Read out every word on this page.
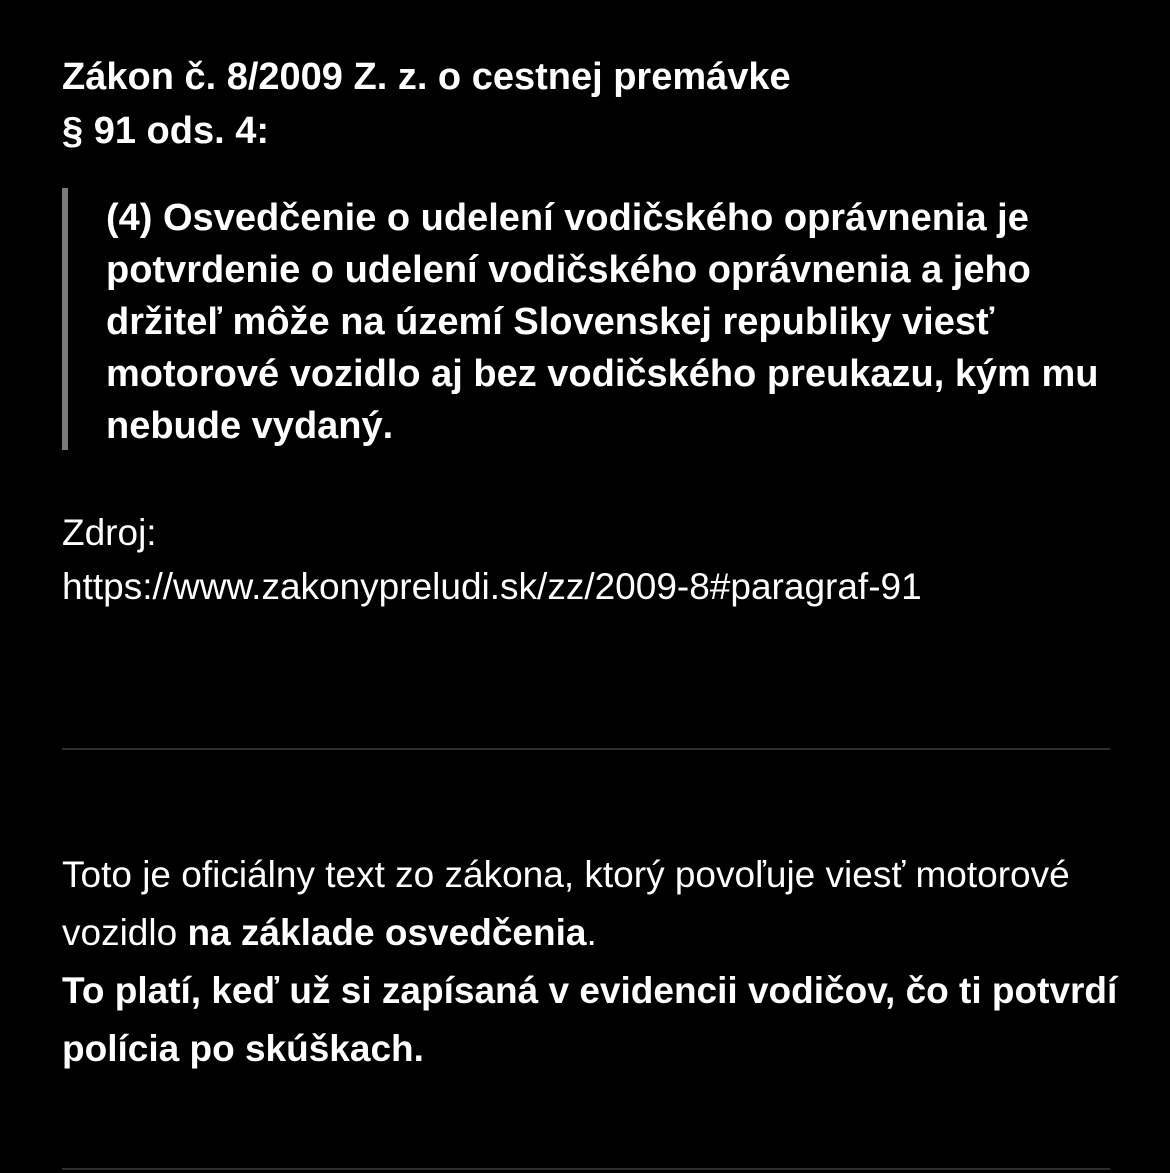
Zákon č. 8/2009 Z. z. o cestnej premávke
§ 91 ods. 4:

(4) Osvedčenie o udelení vodičského oprávnenia je potvrdenie o udelení vodičského oprávnenia a jeho držiteľ môže na území Slovenskej republiky viesť motorové vozidlo aj bez vodičského preukazu, kým mu nebude vydaný.

Zdroj:
https://www.zakonypreludi.sk/zz/2009-8#paragraf-91

Toto je oficiálny text zo zákona, ktorý povoľuje viesť motorové vozidlo na základe osvedčenia.

To platí, keď už si zapísaná v evidencii vodičov, čo ti potvrdí polícia po skúškach.
